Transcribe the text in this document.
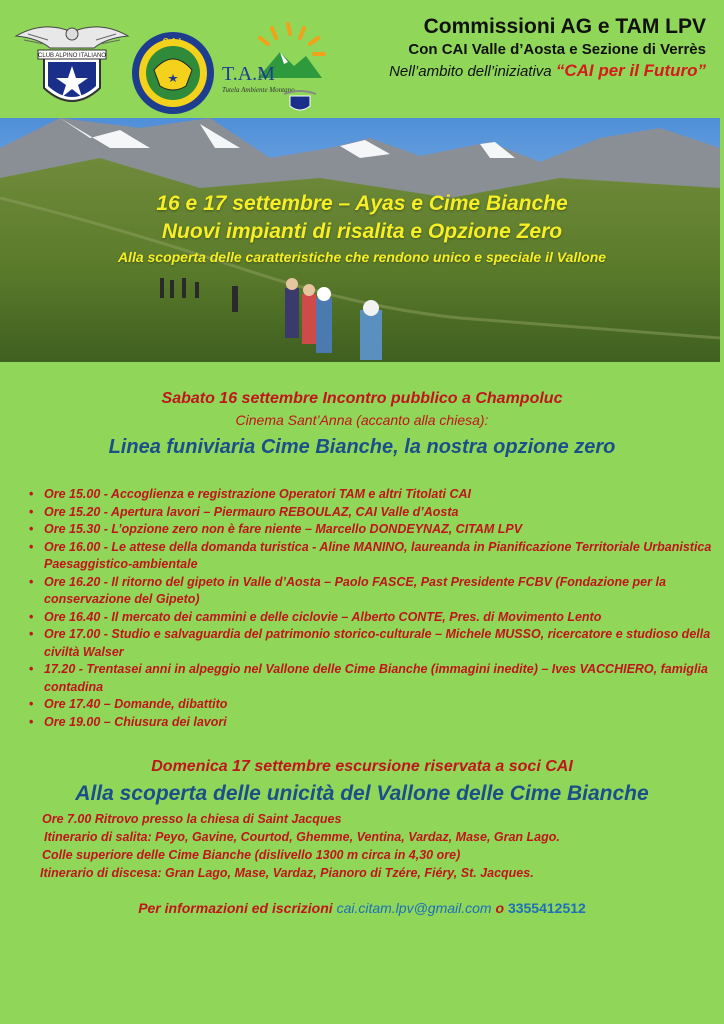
CLUB ALPINO ITALIANO
C.A.I.
T.A.M
Tutela Ambiente Montano
Commissioni AG e TAM LPV
Con CAI Valle d’Aosta e Sezione di Verrès
Nell’ambito dell’iniziativa “CAI per il Futuro”
16 e 17 settembre – Ayas e Cime Bianche
Nuovi impianti di risalita e Opzione Zero
Alla scoperta delle caratteristiche che rendono unico e speciale il Vallone
Sabato 16 settembre Incontro pubblico a Champoluc
Cinema Sant’Anna (accanto alla chiesa):
Linea funiviaria Cime Bianche, la nostra opzione zero
• Ore 15.00 - Accoglienza e registrazione Operatori TAM e altri Titolati CAI
• Ore 15.20 - Apertura lavori – Piermauro REBOULAZ, CAI Valle d’Aosta
• Ore 15.30 - L’opzione zero non è fare niente – Marcello DONDEYNAZ, CITAM LPV
• Ore 16.00 - Le attese della domanda turistica - Aline MANINO, laureanda in Pianificazione Territoriale Urbanistica Paesaggistico-ambientale
• Ore 16.20 - Il ritorno del gipeto in Valle d’Aosta – Paolo FASCE, Past Presidente FCBV (Fondazione per la conservazione del Gipeto)
• Ore 16.40 - Il mercato dei cammini e delle ciclovie – Alberto CONTE, Pres. di Movimento Lento
• Ore 17.00 - Studio e salvaguardia del patrimonio storico-culturale – Michele MUSSO, ricercatore e studioso della civiltà Walser
• 17.20 - Trentasei anni in alpeggio nel Vallone delle Cime Bianche (immagini inedite) – Ives VACCHIERO, famiglia contadina
• Ore 17.40 – Domande, dibattito
• Ore 19.00 – Chiusura dei lavori
Domenica 17 settembre escursione riservata a soci CAI
Alla scoperta delle unicità del Vallone delle Cime Bianche
Ore 7.00 Ritrovo presso la chiesa di Saint Jacques
Itinerario di salita: Peyo, Gavine, Courtod, Ghemme, Ventina, Vardaz, Mase, Gran Lago.
Colle superiore delle Cime Bianche (dislivello 1300 m circa in 4,30 ore)
Itinerario di discesa: Gran Lago, Mase, Vardaz, Pianoro di Tzére, Fiéry, St. Jacques.
Per informazioni ed iscrizioni cai.citam.lpv@gmail.com o 3355412512
